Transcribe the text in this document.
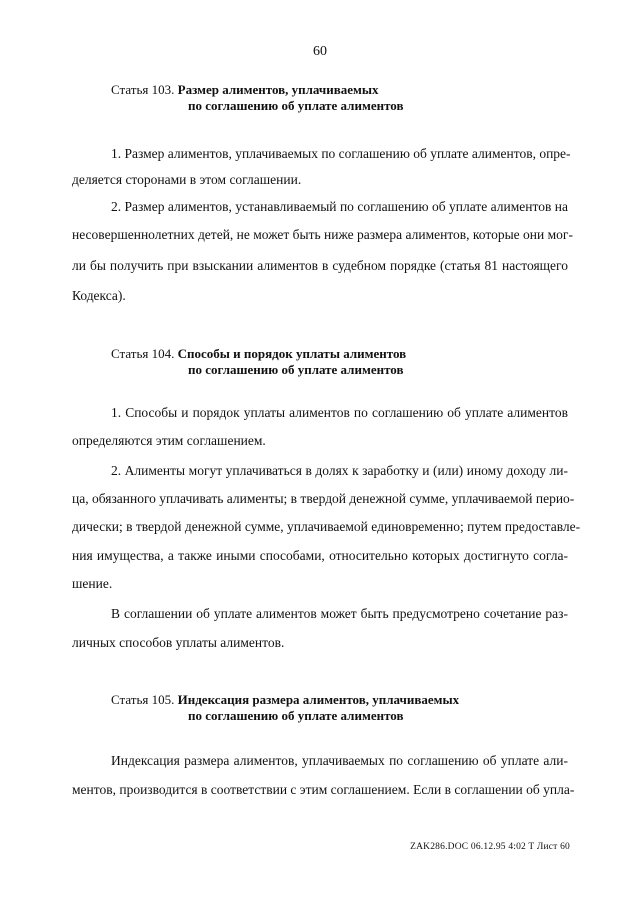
60
Статья 103. Размер алиментов, уплачиваемых
по соглашению об уплате алиментов
1. Размер алиментов, уплачиваемых по соглашению об уплате алиментов, опре-
деляется сторонами в этом соглашении.
2. Размер алиментов, устанавливаемый по соглашению об уплате алиментов на
несовершеннолетних детей, не может быть ниже размера алиментов, которые они мог-
ли бы получить при взыскании алиментов в судебном порядке (статья 81 настоящего
Кодекса).
Статья 104. Способы и порядок уплаты алиментов
по соглашению об уплате алиментов
1. Способы и порядок уплаты алиментов по соглашению об уплате алиментов
определяются этим соглашением.
2. Алименты могут уплачиваться в долях к заработку и (или) иному доходу ли-
ца, обязанного уплачивать алименты; в твердой денежной сумме, уплачиваемой перио-
дически; в твердой денежной сумме, уплачиваемой единовременно; путем предоставле-
ния имущества, а также иными способами, относительно которых достигнуто согла-
шение.
В соглашении об уплате алиментов может быть предусмотрено сочетание раз-
личных способов уплаты алиментов.
Статья 105. Индексация размера алиментов, уплачиваемых
по соглашению об уплате алиментов
Индексация размера алиментов, уплачиваемых по соглашению об уплате али-
ментов, производится в соответствии с этим соглашением. Если в соглашении об упла-
ZAK286.DOC 06.12.95 4:02 T Лист 60
